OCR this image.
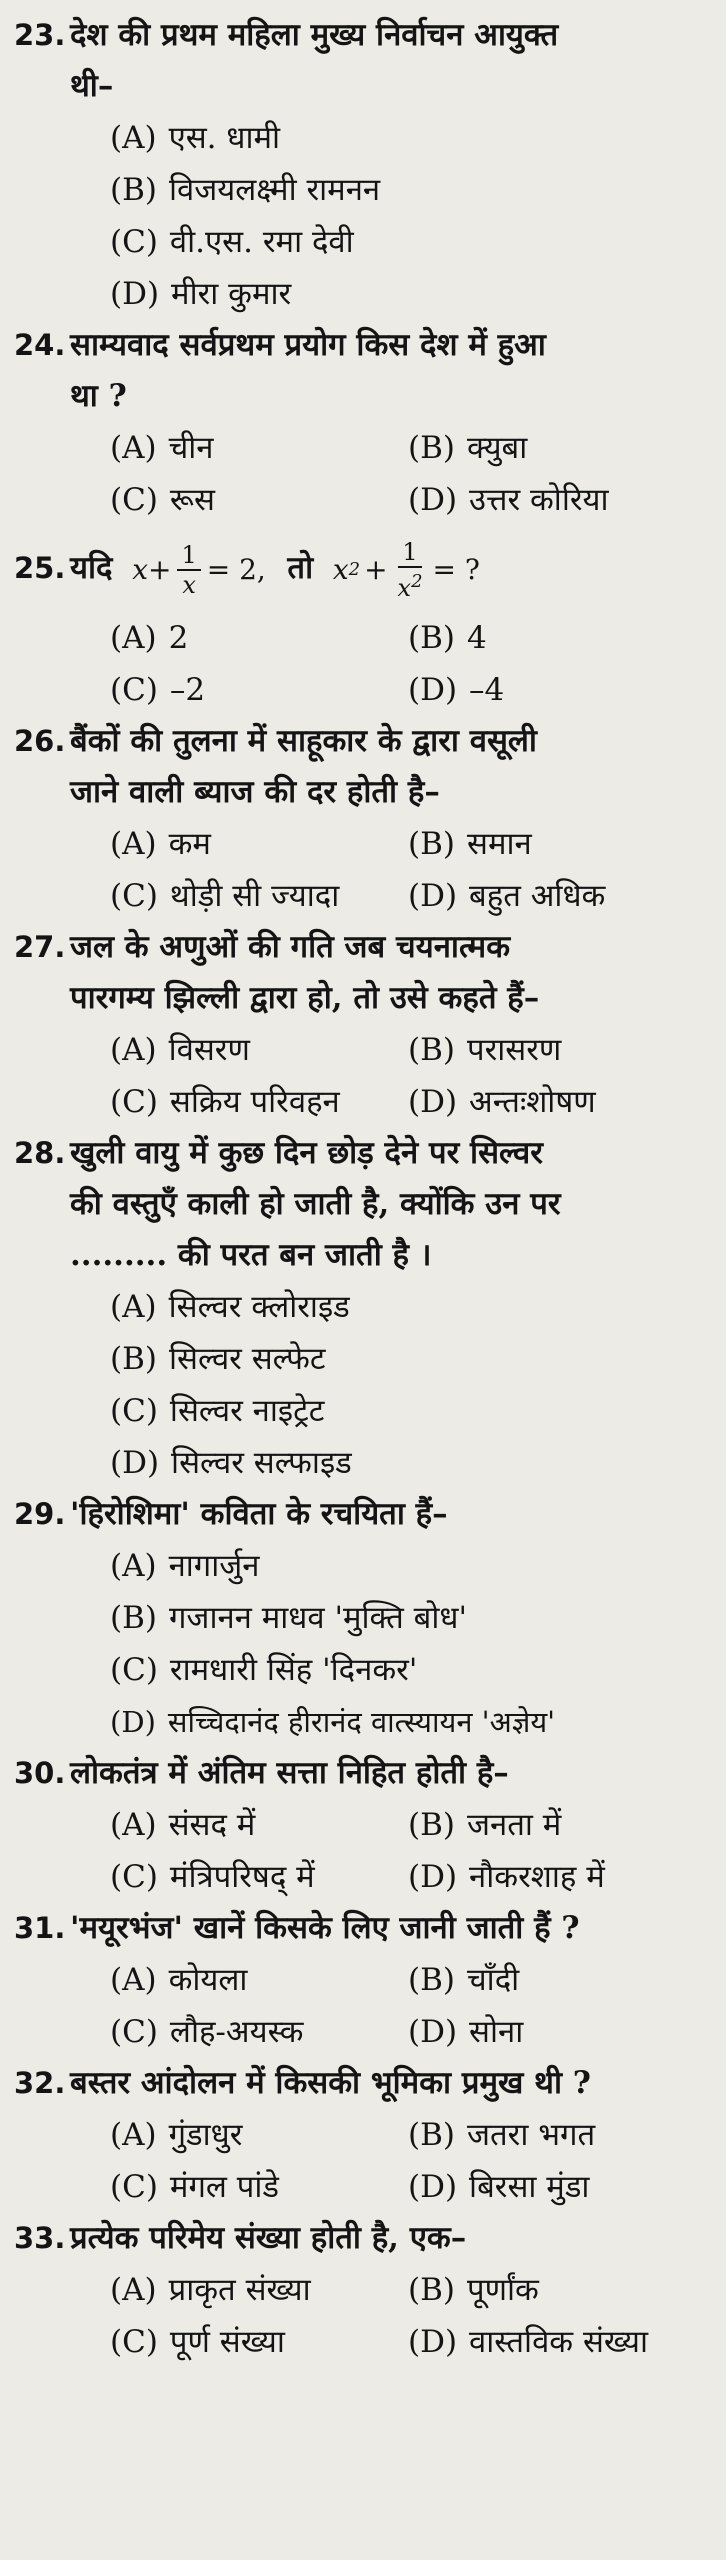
23. देश की प्रथम महिला मुख्य निर्वाचन आयुक्त
थी–
(A) एस. धामी
(B) विजयलक्ष्मी रामनन
(C) वी.एस. रमा देवी
(D) मीरा कुमार
24. साम्यवाद सर्वप्रथम प्रयोग किस देश में हुआ
था ?
(A) चीन	(B) क्युबा
(C) रूस	(D) उत्तर कोरिया
25. यदि $x + \frac{1}{x} = 2$, तो x $2 + \frac{1}{x^2}$ = ?
(A) 2	(B) 4
(C) –2	(D) –4
26. बैंकों की तुलना में साहूकार के द्वारा वसूली
जाने वाली ब्याज की दर होती है–
(A) कम	(B) समान
(C) थोड़ी सी ज्यादा	(D) बहुत अधिक
27. जल के अणुओं की गति जब चयनात्मक
पारगम्य झिल्ली द्वारा हो, तो उसे कहते हैं–
(A) विसरण	(B) परासरण
(C) सक्रिय परिवहन	(D) अन्तःशोषण
28. खुली वायु में कुछ दिन छोड़ देने पर सिल्वर
की वस्तुएँ काली हो जाती है, क्योंकि उन पर
......... की परत बन जाती है ।
(A) सिल्वर क्लोराइड
(B) सिल्वर सल्फेट
(C) सिल्वर नाइट्रेट
(D) सिल्वर सल्फाइड
29. 'हिरोशिमा' कविता के रचयिता हैं–
(A) नागार्जुन
(B) गजानन माधव 'मुक्ति बोध'
(C) रामधारी सिंह 'दिनकर'
(D) सच्चिदानंद हीरानंद वात्स्यायन 'अज्ञेय'
30. लोकतंत्र में अंतिम सत्ता निहित होती है–
(A) संसद में	(B) जनता में
(C) मंत्रिपरिषद् में	(D) नौकरशाह में
31. 'मयूरभंज' खानें किसके लिए जानी जाती हैं ?
(A) कोयला	(B) चाँदी
(C) लौह-अयस्क	(D) सोना
32. बस्तर आंदोलन में किसकी भूमिका प्रमुख थी ?
(A) गुंडाधुर	(B) जतरा भगत
(C) मंगल पांडे	(D) बिरसा मुंडा
33. प्रत्येक परिमेय संख्या होती है, एक–
(A) प्राकृत संख्या	(B) पूर्णांक
(C) पूर्ण संख्या	(D) वास्तविक संख्या
